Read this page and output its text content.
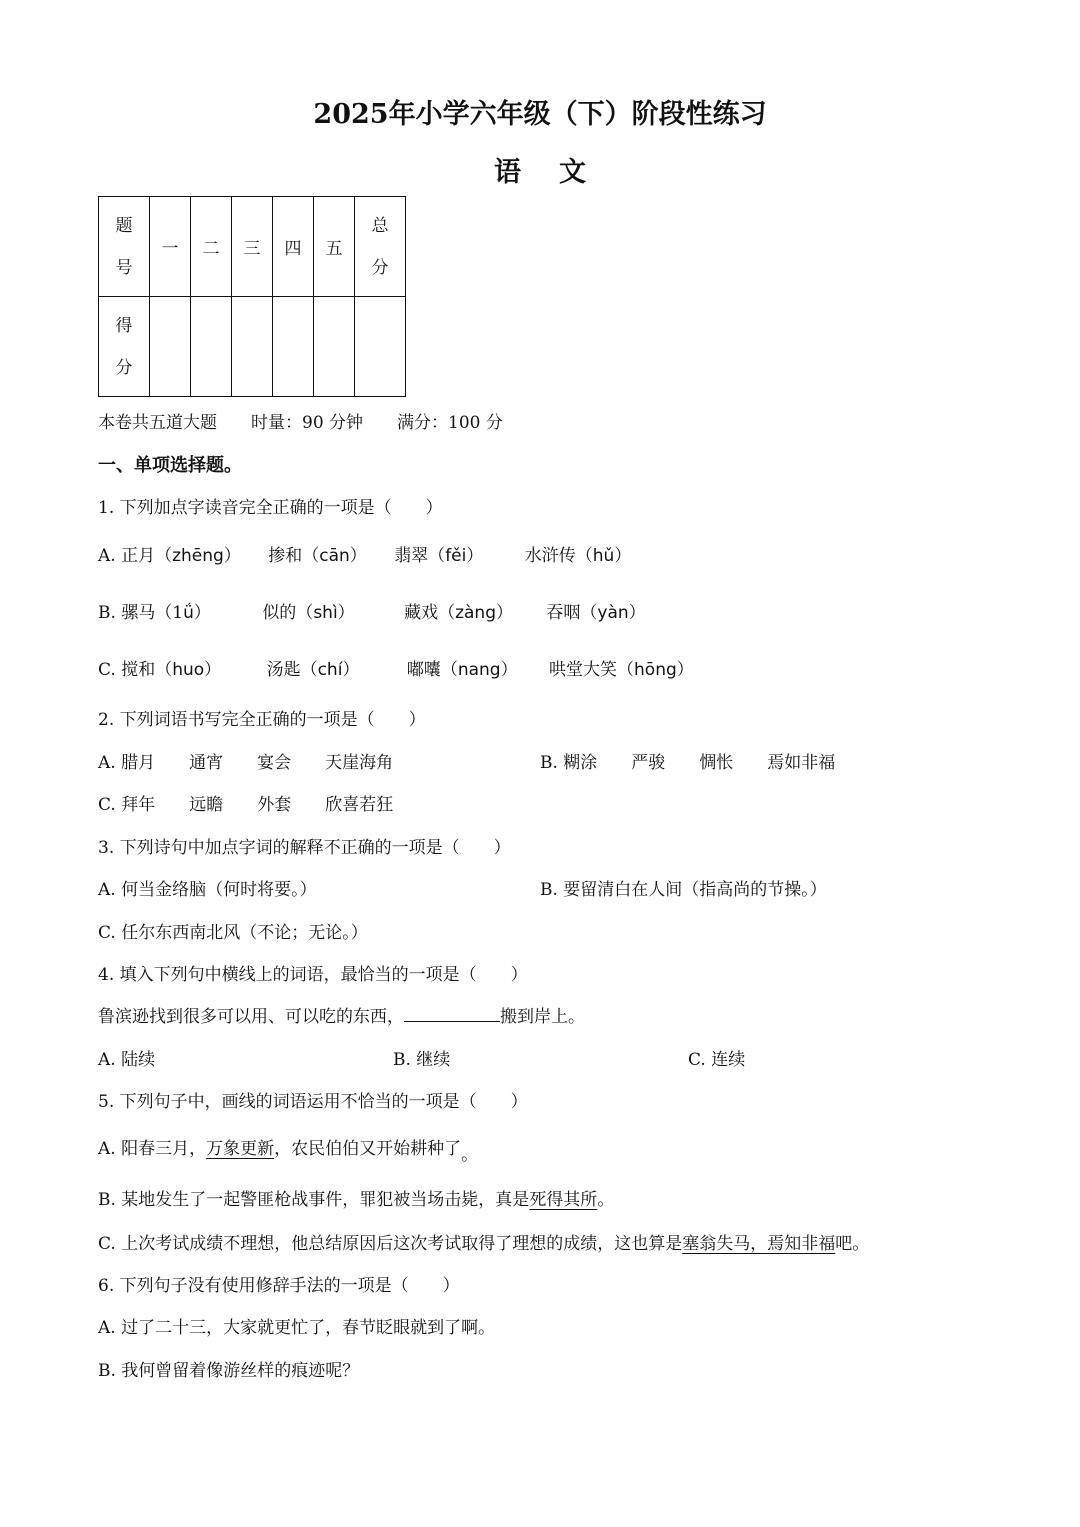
2025年小学六年级（下）阶段性练习
语文
题号	一	二	三	四	五	总分
得分						
本卷共五道大题　　时量：90 分钟　　满分：100 分
一、单项选择题。
1. 下列加点字读音完全正确的一项是（　　）
A. 正月（zhēng） 掺和（cān） 翡翠（fěi） 水浒传（hǔ）
B. 骡马（1ǘ）	似的（shì）	藏戏（zàng） 吞咽（yàn）
C. 搅和（huo）	汤匙（chí）	嘟囔（nang） 哄堂大笑（hōng）
2. 下列词语书写完全正确的一项是（　　）
A. 腊月　　通宵　　宴会　　天崖海角	B. 糊涂　　严骏　　惆怅　　焉如非福
C. 拜年　　远瞻　　外套　　欣喜若狂
3. 下列诗句中加点字词的解释不正确的一项是（　　）
A. 何当金络脑（何时将要。）	B. 要留清白在人间（指高尚的节操。）
C. 任尔东西南北风（不论；无论。）
4. 填入下列句中横线上的词语，最恰当的一项是（　　）
鲁滨逊找到很多可以用、可以吃的东西，	搬到岸上。
A. 陆续	B. 继续	C. 连续
5. 下列句子中，画线的词语运用不恰当的一项是（　　）
A. 阳春三月，万象更新，农民伯伯又开始耕种了。
B. 某地发生了一起警匪枪战事件，罪犯被当场击毙，真是死得其所。
C. 上次考试成绩不理想，他总结原因后这次考试取得了理想的成绩，这也算是塞翁失马，焉知非福吧。
6. 下列句子没有使用修辞手法的一项是（　　）
A. 过了二十三，大家就更忙了，春节眨眼就到了啊。
B. 我何曾留着像游丝样的痕迹呢？
